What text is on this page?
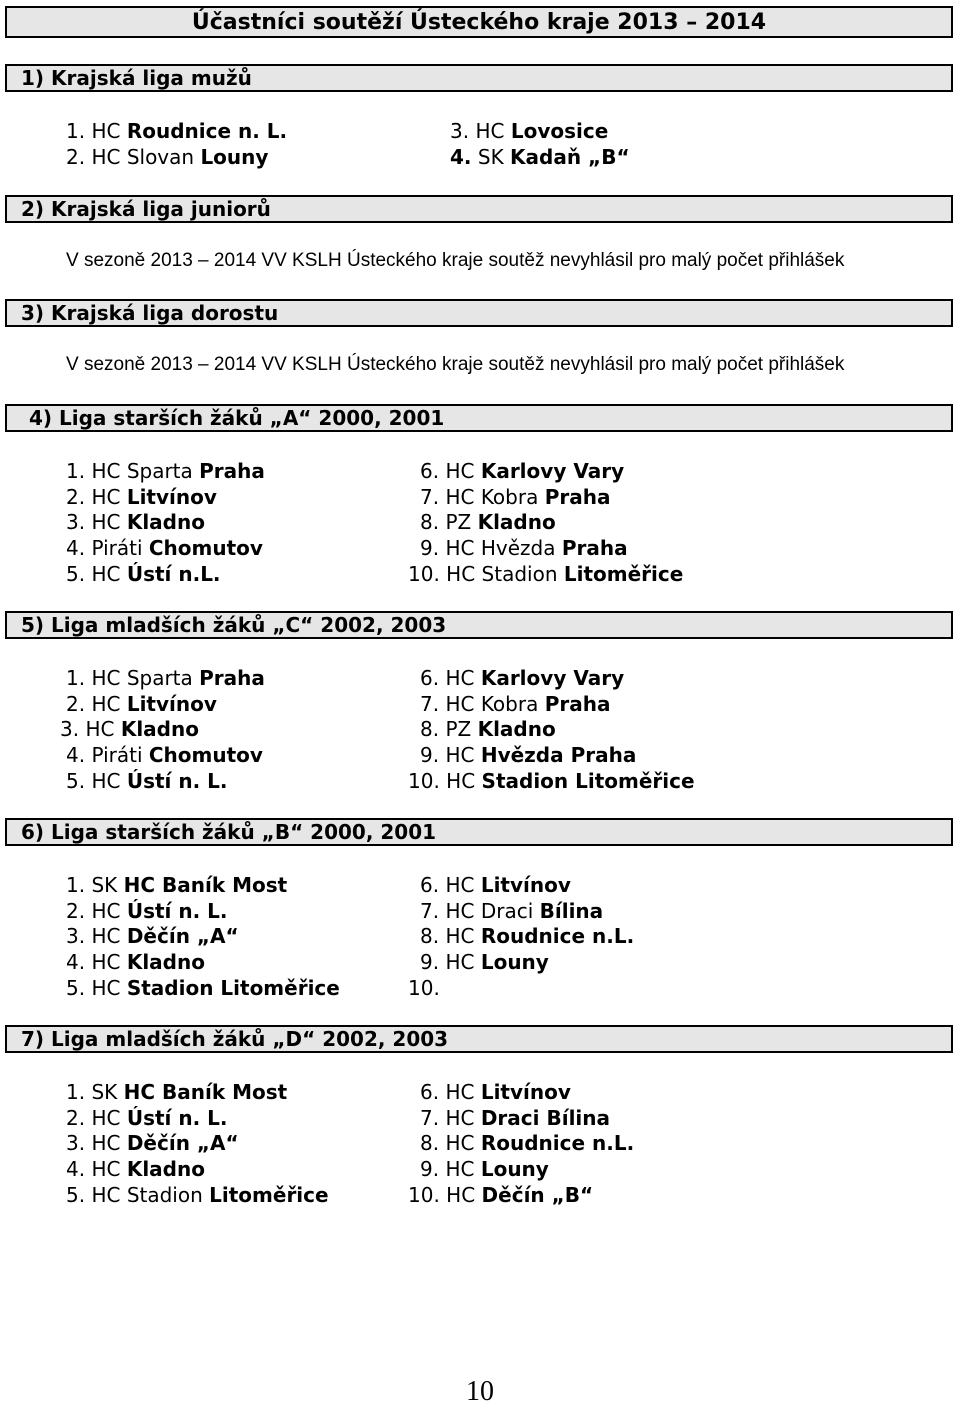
Účastníci soutěží Ústeckého kraje 2013 – 2014
1) Krajská liga mužů
1. HC Roudnice n. L.
2. HC Slovan Louny
3. HC Lovosice
4. SK Kadaň „B“
2) Krajská liga juniorů
V sezoně 2013 – 2014 VV KSLH Ústeckého kraje soutěž nevyhlásil pro malý počet přihlášek
3) Krajská liga dorostu
V sezoně 2013 – 2014 VV KSLH Ústeckého kraje soutěž nevyhlásil pro malý počet přihlášek
4) Liga starších žáků „A“ 2000, 2001
1. HC Sparta Praha
2. HC Litvínov
3. HC Kladno
4. Piráti Chomutov
5. HC Ústí n.L.
6. HC Karlovy Vary
7. HC Kobra Praha
8. PZ Kladno
9. HC Hvězda Praha
10. HC Stadion Litoměřice
5) Liga mladších žáků „C“ 2002, 2003
1. HC Sparta Praha
2. HC Litvínov
3. HC Kladno
4. Piráti Chomutov
5. HC Ústí n. L.
6. HC Karlovy Vary
7. HC Kobra Praha
8. PZ Kladno
9. HC Hvězda Praha
10. HC Stadion Litoměřice
6) Liga starších žáků „B“ 2000, 2001
1. SK HC Baník Most
2. HC Ústí n. L.
3. HC Děčín „A“
4. HC Kladno
5. HC Stadion Litoměřice
6. HC Litvínov
7. HC Draci Bílina
8. HC Roudnice n.L.
9. HC Louny
10.
7) Liga mladších žáků „D“ 2002, 2003
1. SK HC Baník Most
2. HC Ústí n. L.
3. HC Děčín „A“
4. HC Kladno
5. HC Stadion Litoměřice
6. HC Litvínov
7. HC Draci Bílina
8. HC Roudnice n.L.
9. HC Louny
10. HC Děčín „B“
10
